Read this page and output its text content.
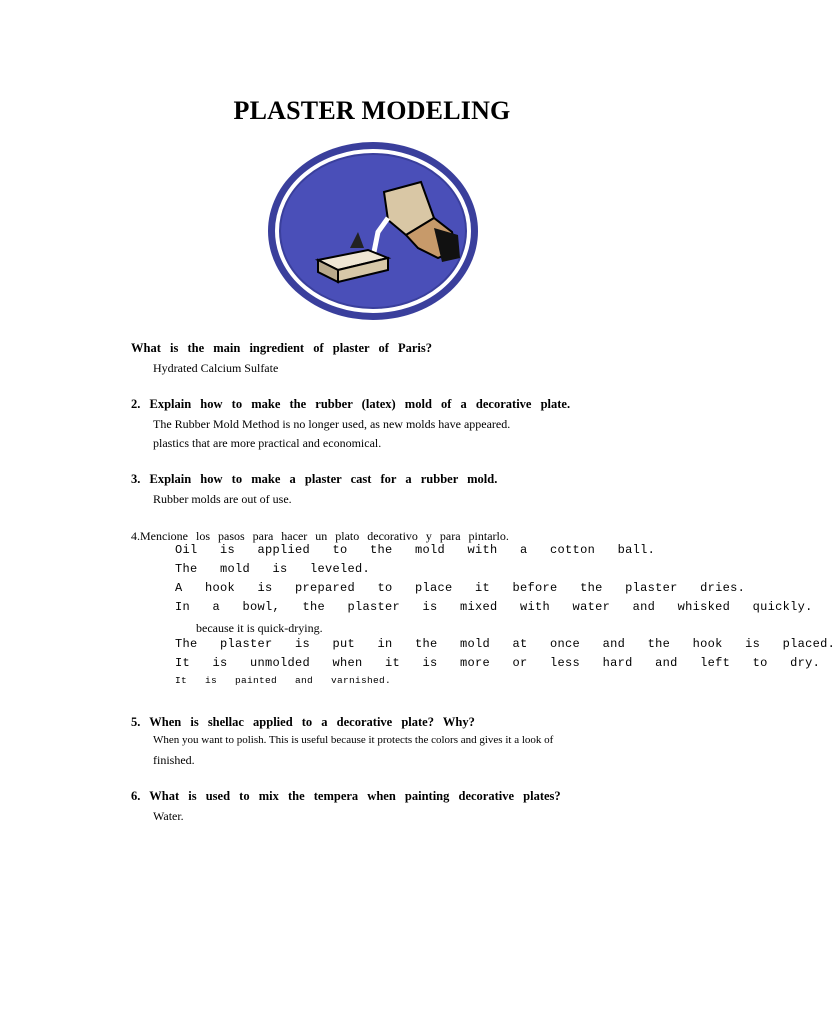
PLASTER MODELING
What is the main ingredient of plaster of Paris?
Hydrated Calcium Sulfate
2. Explain how to make the rubber (latex) mold of a decorative plate.
The Rubber Mold Method is no longer used, as new molds have appeared.
plastics that are more practical and economical.
3. Explain how to make a plaster cast for a rubber mold.
Rubber molds are out of use.
4.Mencione los pasos para hacer un plato decorativo y para pintarlo.
Oil   is   applied   to   the   mold   with   a   cotton   ball.
The   mold   is   leveled.
A   hook   is   prepared   to   place   it   before   the   plaster   dries.
In   a   bowl,   the   plaster   is   mixed   with   water   and   whisked   quickly.
because it is quick-drying.
The   plaster   is   put   in   the   mold   at   once   and   the   hook   is   placed.
It   is   unmolded   when   it   is   more   or   less   hard   and   left   to   dry.
It   is   painted   and   varnished.
5. When is shellac applied to a decorative plate? Why?
When you want to polish. This is useful because it protects the colors and gives it a look of
finished.
6. What is used to mix the tempera when painting decorative plates?
Water.
